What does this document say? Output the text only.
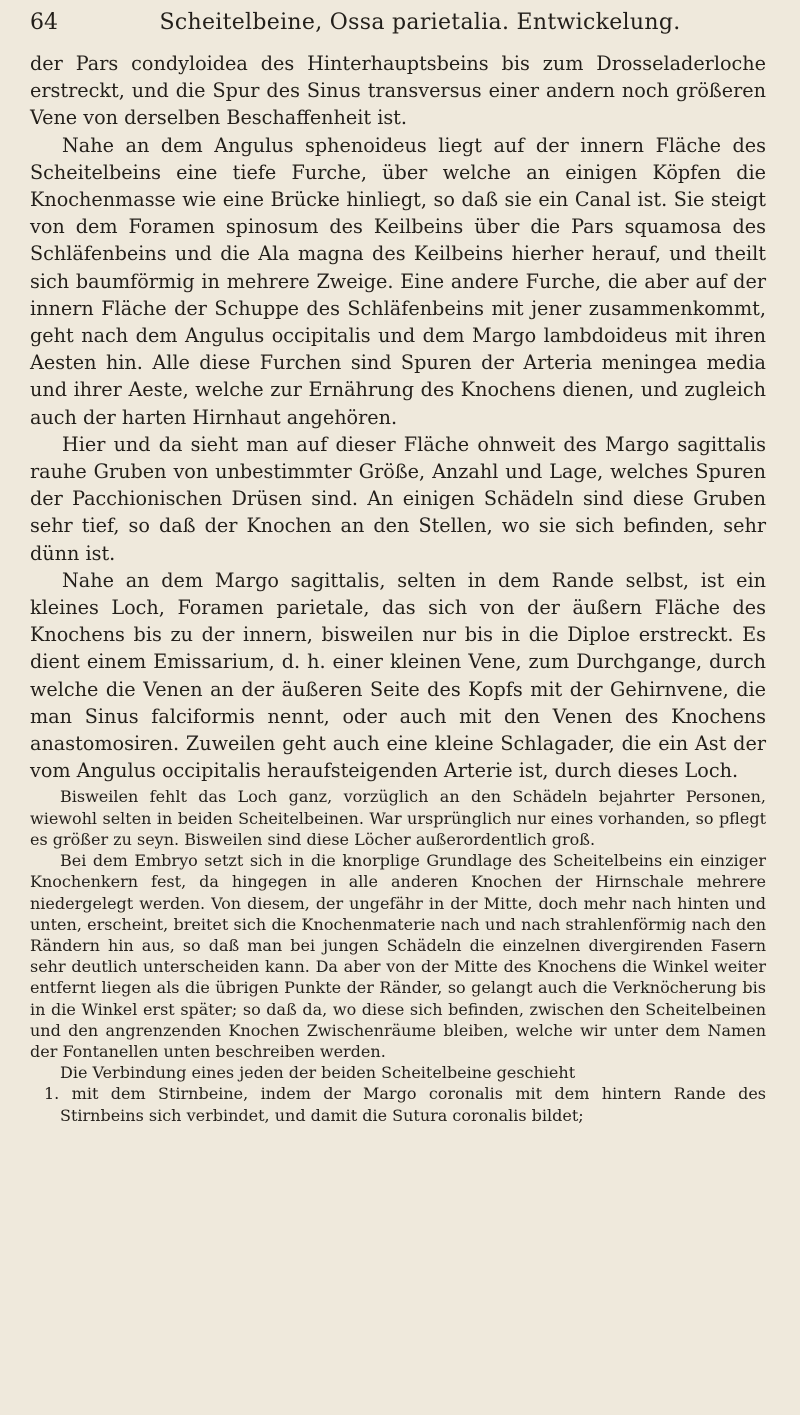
64	Scheitelbeine, Ossa parietalia. Entwickelung.

der Pars condyloidea des Hinterhauptsbeins bis zum Drosseladerloche erstreckt, und die Spur des Sinus transversus einer andern noch größeren Vene von derselben Beschaffenheit ist.

Nahe an dem Angulus sphenoideus liegt auf der innern Fläche des Scheitelbeins eine tiefe Furche, über welche an einigen Köpfen die Knochenmasse wie eine Brücke hinliegt, so daß sie ein Canal ist. Sie steigt von dem Foramen spinosum des Keilbeins über die Pars squamosa des Schläfenbeins und die Ala magna des Keilbeins hierher herauf, und theilt sich baumförmig in mehrere Zweige. Eine andere Furche, die aber auf der innern Fläche der Schuppe des Schläfenbeins mit jener zusammenkommt, geht nach dem Angulus occipitalis und dem Margo lambdoideus mit ihren Aesten hin. Alle diese Furchen sind Spuren der Arteria meningea media und ihrer Aeste, welche zur Ernährung des Knochens dienen, und zugleich auch der harten Hirnhaut angehören.

Hier und da sieht man auf dieser Fläche ohnweit des Margo sagittalis rauhe Gruben von unbestimmter Größe, Anzahl und Lage, welches Spuren der Pacchionischen Drüsen sind. An einigen Schädeln sind diese Gruben sehr tief, so daß der Knochen an den Stellen, wo sie sich befinden, sehr dünn ist.

Nahe an dem Margo sagittalis, selten in dem Rande selbst, ist ein kleines Loch, Foramen parietale, das sich von der äußern Fläche des Knochens bis zu der innern, bisweilen nur bis in die Diploe erstreckt. Es dient einem Emissarium, d. h. einer kleinen Vene, zum Durchgange, durch welche die Venen an der äußeren Seite des Kopfs mit der Gehirnvene, die man Sinus falciformis nennt, oder auch mit den Venen des Knochens anastomosiren. Zuweilen geht auch eine kleine Schlagader, die ein Ast der vom Angulus occipitalis heraufsteigenden Arterie ist, durch dieses Loch.

Bisweilen fehlt das Loch ganz, vorzüglich an den Schädeln bejahrter Personen, wiewohl selten in beiden Scheitelbeinen. War ursprünglich nur eines vorhanden, so pflegt es größer zu seyn. Bisweilen sind diese Löcher außerordentlich groß.

Bei dem Embryo setzt sich in die knorplige Grundlage des Scheitelbeins ein einziger Knochenkern fest, da hingegen in alle anderen Knochen der Hirnschale mehrere niedergelegt werden. Von diesem, der ungefähr in der Mitte, doch mehr nach hinten und unten, erscheint, breitet sich die Knochenmaterie nach und nach strahlenförmig nach den Rändern hin aus, so daß man bei jungen Schädeln die einzelnen divergirenden Fasern sehr deutlich unterscheiden kann. Da aber von der Mitte des Knochens die Winkel weiter entfernt liegen als die übrigen Punkte der Ränder, so gelangt auch die Verknöcherung bis in die Winkel erst später; so daß da, wo diese sich befinden, zwischen den Scheitelbeinen und den angrenzenden Knochen Zwischenräume bleiben, welche wir unter dem Namen der Fontanellen unten beschreiben werden.

Die Verbindung eines jeden der beiden Scheitelbeine geschieht

1. mit dem Stirnbeine, indem der Margo coronalis mit dem hintern Rande des Stirnbeins sich verbindet, und damit die Sutura coronalis bildet;
